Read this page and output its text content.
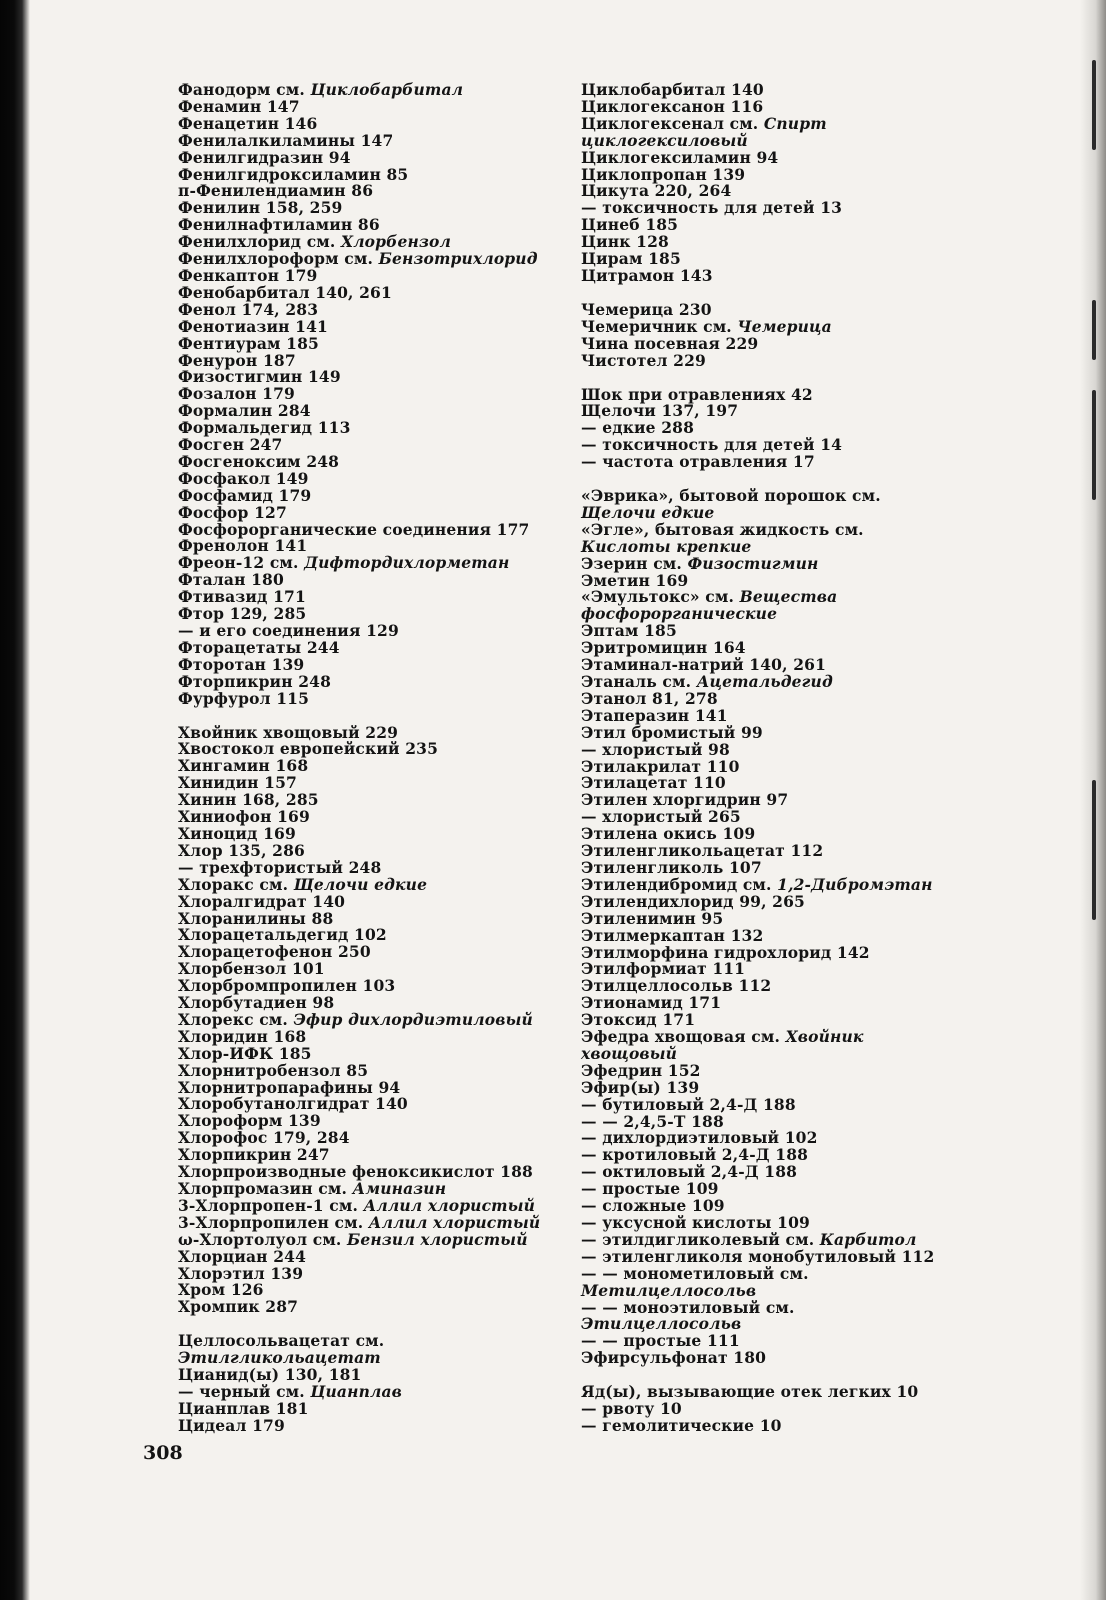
Фанодорм см. Циклобарбитал
Фенамин 147
Фенацетин 146
Фенилалкиламины 147
Фенилгидразин 94
Фенилгидроксиламин 85
п-Фенилендиамин 86
Фенилин 158, 259
Фенилнафтиламин 86
Фенилхлорид см. Хлорбензол
Фенилхлороформ см. Бензотрихлорид
Фенкаптон 179
Фенобарбитал 140, 261
Фенол 174, 283
Фенотиазин 141
Фентиурам 185
Фенурон 187
Физостигмин 149
Фозалон 179
Формалин 284
Формальдегид 113
Фосген 247
Фосгеноксим 248
Фосфакол 149
Фосфамид 179
Фосфор 127
Фосфорорганические соединения 177
Френолон 141
Фреон-12 см. Дифтордихлорметан
Фталан 180
Фтивазид 171
Фтор 129, 285
— и его соединения 129
Фторацетаты 244
Фторотан 139
Фторпикрин 248
Фурфурол 115
Хвойник хвощовый 229
Хвостокол европейский 235
Хингамин 168
Хинидин 157
Хинин 168, 285
Хиниофон 169
Хиноцид 169
Хлор 135, 286
— трехфтористый 248
Хлоракс см. Щелочи едкие
Хлоралгидрат 140
Хлоранилины 88
Хлорацетальдегид 102
Хлорацетофенон 250
Хлорбензол 101
Хлорбромпропилен 103
Хлорбутадиен 98
Хлорекс см. Эфир дихлордиэтиловый
Хлоридин 168
Хлор-ИФК 185
Хлорнитробензол 85
Хлорнитропарафины 94
Хлоробутанолгидрат 140
Хлороформ 139
Хлорофос 179, 284
Хлорпикрин 247
Хлорпроизводные феноксикислот 188
Хлорпромазин см. Аминазин
3-Хлорпропен-1 см. Аллил хлористый
3-Хлорпропилен см. Аллил хлористый
ω-Хлортолуол см. Бензил хлористый
Хлорциан 244
Хлорэтил 139
Хром 126
Хромпик 287
Целлосольвацетат см. Этилгликольацетат
Цианид(ы) 130, 181
— черный см. Цианплав
Цианплав 181
Цидеал 179
Циклобарбитал 140
Циклогексанон 116
Циклогексенал см. Спирт циклогексиловый
Циклогексиламин 94
Циклопропан 139
Цикута 220, 264
— токсичность для детей 13
Цинеб 185
Цинк 128
Цирам 185
Цитрамон 143
Чемерица 230
Чемеричник см. Чемерица
Чина посевная 229
Чистотел 229
Шок при отравлениях 42
Щелочи 137, 197
— едкие 288
— токсичность для детей 14
— частота отравления 17
«Эврика», бытовой порошок см. Щелочи едкие
«Эгле», бытовая жидкость см. Кислоты крепкие
Эзерин см. Физостигмин
Эметин 169
«Эмультокс» см. Вещества фосфорорганические
Эптам 185
Эритромицин 164
Этаминал-натрий 140, 261
Этаналь см. Ацетальдегид
Этанол 81, 278
Этаперазин 141
Этил бромистый 99
— хлористый 98
Этилакрилат 110
Этилацетат 110
Этилен хлоргидрин 97
— хлористый 265
Этилена окись 109
Этиленгликольацетат 112
Этиленгликоль 107
Этилендибромид см. 1,2-Дибромэтан
Этилендихлорид 99, 265
Этиленимин 95
Этилмеркаптан 132
Этилморфина гидрохлорид 142
Этилформиат 111
Этилцеллосольв 112
Этионамид 171
Этоксид 171
Эфедра хвощовая см. Хвойник хвощовый
Эфедрин 152
Эфир(ы) 139
— бутиловый 2,4-Д 188
— — 2,4,5-Т 188
— дихлордиэтиловый 102
— кротиловый 2,4-Д 188
— октиловый 2,4-Д 188
— простые 109
— сложные 109
— уксусной кислоты 109
— этилдигликолевый см. Карбитол
— этиленгликоля монобутиловый 112
— — монометиловый см. Метилцеллосольв
— — моноэтиловый см. Этилцеллосольв
— — простые 111
Эфирсульфонат 180
Яд(ы), вызывающие отек легких 10
— рвоту 10
— гемолитические 10
308
